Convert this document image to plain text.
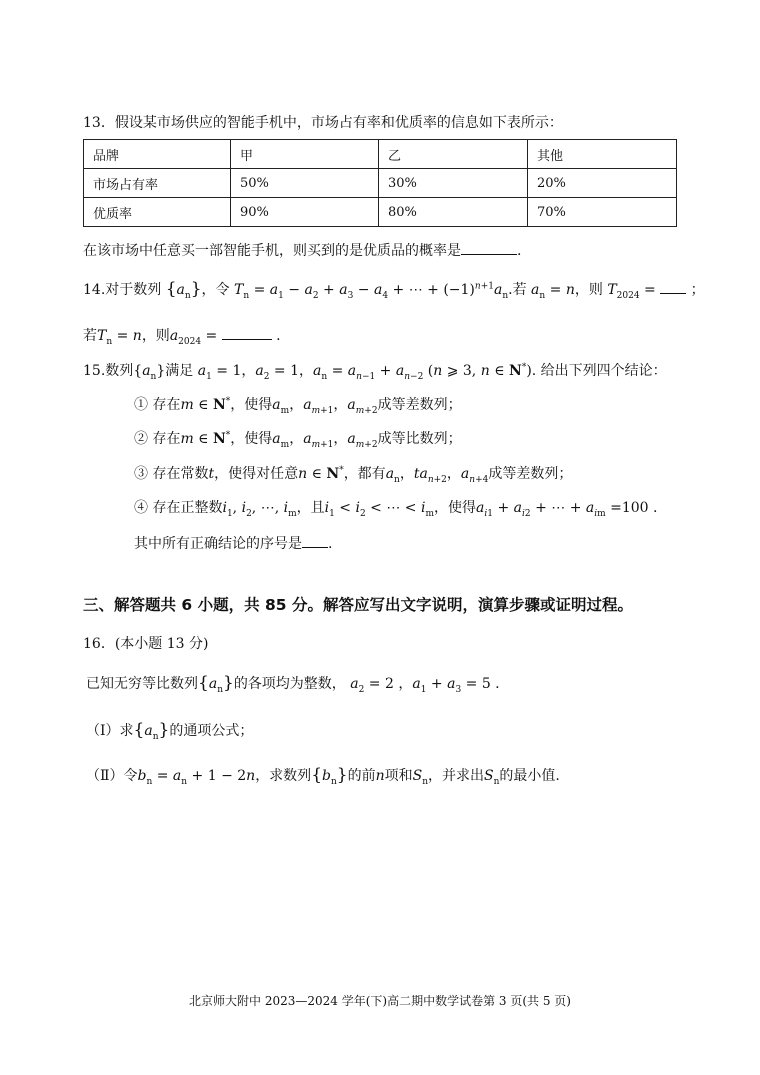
13．假设某市场供应的智能手机中，市场占有率和优质率的信息如下表所示：
品牌	甲	乙	其他
市场占有率	50%	30%	20%
优质率	90%	80%	70%
在该市场中任意买一部智能手机，则买到的是优质品的概率是	.
14.对于数列 $\{a_n\}$，令 $T_n = a_1 - a_2 + a_3 - a_4$ + ⋯ + $(-1)^{n+1}a_n$.若 $a_n = n$，则 $T_{2024}$ =  ；
若$T_n = n$，则$a_{2024}$ =	.
15.数列$\{a_n\}$满足 $a_1 = 1$，$a_2 = 1$，$a_n = a_{n-1} + a_{n-2}$ (n ⩾ 3, n ∈ N*). 给出下列四个结论：
① 存在m ∈ N*，使得$a_m$，$a_{m+1}$，$a_{m+2}$成等差数列；
② 存在m ∈ N*，使得$a_m$，$a_{m+1}$，$a_{m+2}$成等比数列；
③ 存在常数t，使得对任意n ∈ N*，都有$a_n$，$ta_{n+2}$，$a_{n+4}$成等差数列；
④ 存在正整数$i_1$, $i_2$, ⋯, $i_m$，且$i_1 < i_2$ < ⋯ < $i_m$，使得$a_{i1} + a_{i2}$ + ⋯ + $a_{im} =100$ .
其中所有正确结论的序号是 .
三、解答题共 6 小题，共 85 分。解答应写出文字说明，演算步骤或证明过程。
16．(本小题 13 分)
已知无穷等比数列$\{a_n\}$的各项均为整数， $a_2 = 2$ ，$a_1 + a_3 = 5$ .
（Ⅰ）求$\{a_n\}$的通项公式；
（Ⅱ）令$b_n = a_n + 1 - 2n$，求数列$\{b_n\}$的前n项和$S_n$，并求出$S_n$的最小值.
北京师大附中 2023—2024 学年(下)高二期中数学试卷第 3 页(共 5 页)
